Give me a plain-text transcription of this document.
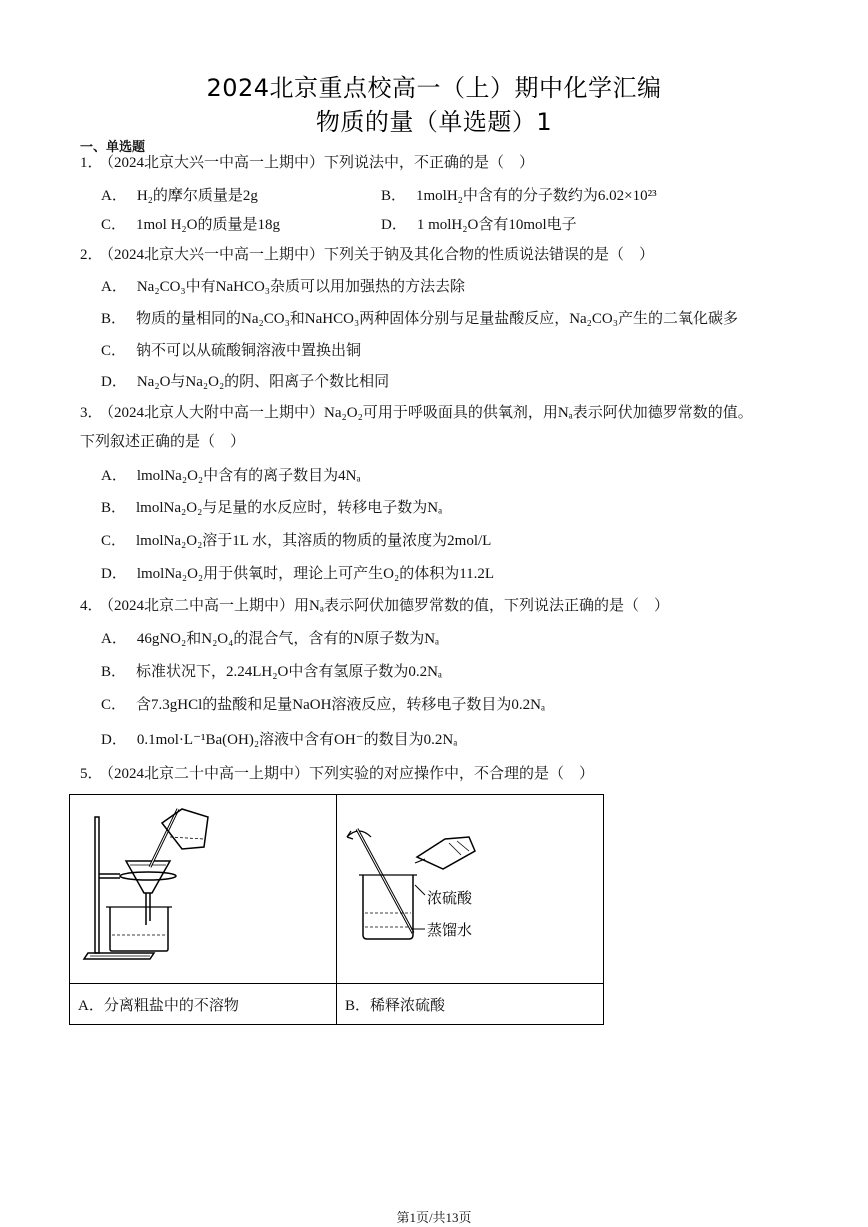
2024北京重点校高一（上）期中化学汇编
物质的量（单选题）1
一、单选题
1． （2024北京大兴一中高一上期中）下列说法中，不正确的是（　）
A． H₂的摩尔质量是2g	B． 1molH₂中含有的分子数约为6.02×10²³
C． 1mol H₂O的质量是18g	D． 1 molH₂O含有10mol电子
2． （2024北京大兴一中高一上期中）下列关于钠及其化合物的性质说法错误的是（　）
A． Na₂CO₃中有NaHCO₃杂质可以用加强热的方法去除
B． 物质的量相同的Na₂CO₃和NaHCO₃两种固体分别与足量盐酸反应，Na₂CO₃产生的二氧化碳多
C． 钠不可以从硫酸铜溶液中置换出铜
D． Na₂O与Na₂O₂的阴、阳离子个数比相同
3． （2024北京人大附中高一上期中）Na₂O₂可用于呼吸面具的供氧剂，用Nₐ表示阿伏加德罗常数的值。
下列叙述正确的是（　）
A． lmolNa₂O₂中含有的离子数目为4Nₐ
B． lmolNa₂O₂与足量的水反应时，转移电子数为Nₐ
C． lmolNa₂O₂溶于1L 水，其溶质的物质的量浓度为2mol/L
D． lmolNa₂O₂用于供氧时，理论上可产生O₂的体积为11.2L
4． （2024北京二中高一上期中）用Nₐ表示阿伏加德罗常数的值，下列说法正确的是（　）
A． 46gNO₂和N₂O₄的混合气，含有的N原子数为Nₐ
B． 标准状况下，2.24LH₂O中含有氢原子数为0.2Nₐ
C． 含7.3gHCl的盐酸和足量NaOH溶液反应，转移电子数目为0.2Nₐ
D． 0.1mol·L⁻¹Ba(OH)₂溶液中含有OH⁻的数目为0.2Nₐ
5． （2024北京二十中高一上期中）下列实验的对应操作中，不合理的是（　）

浓硫酸
蒸馏水

A．分离粗盐中的不溶物	B．稀释浓硫酸
第1页/共13页
